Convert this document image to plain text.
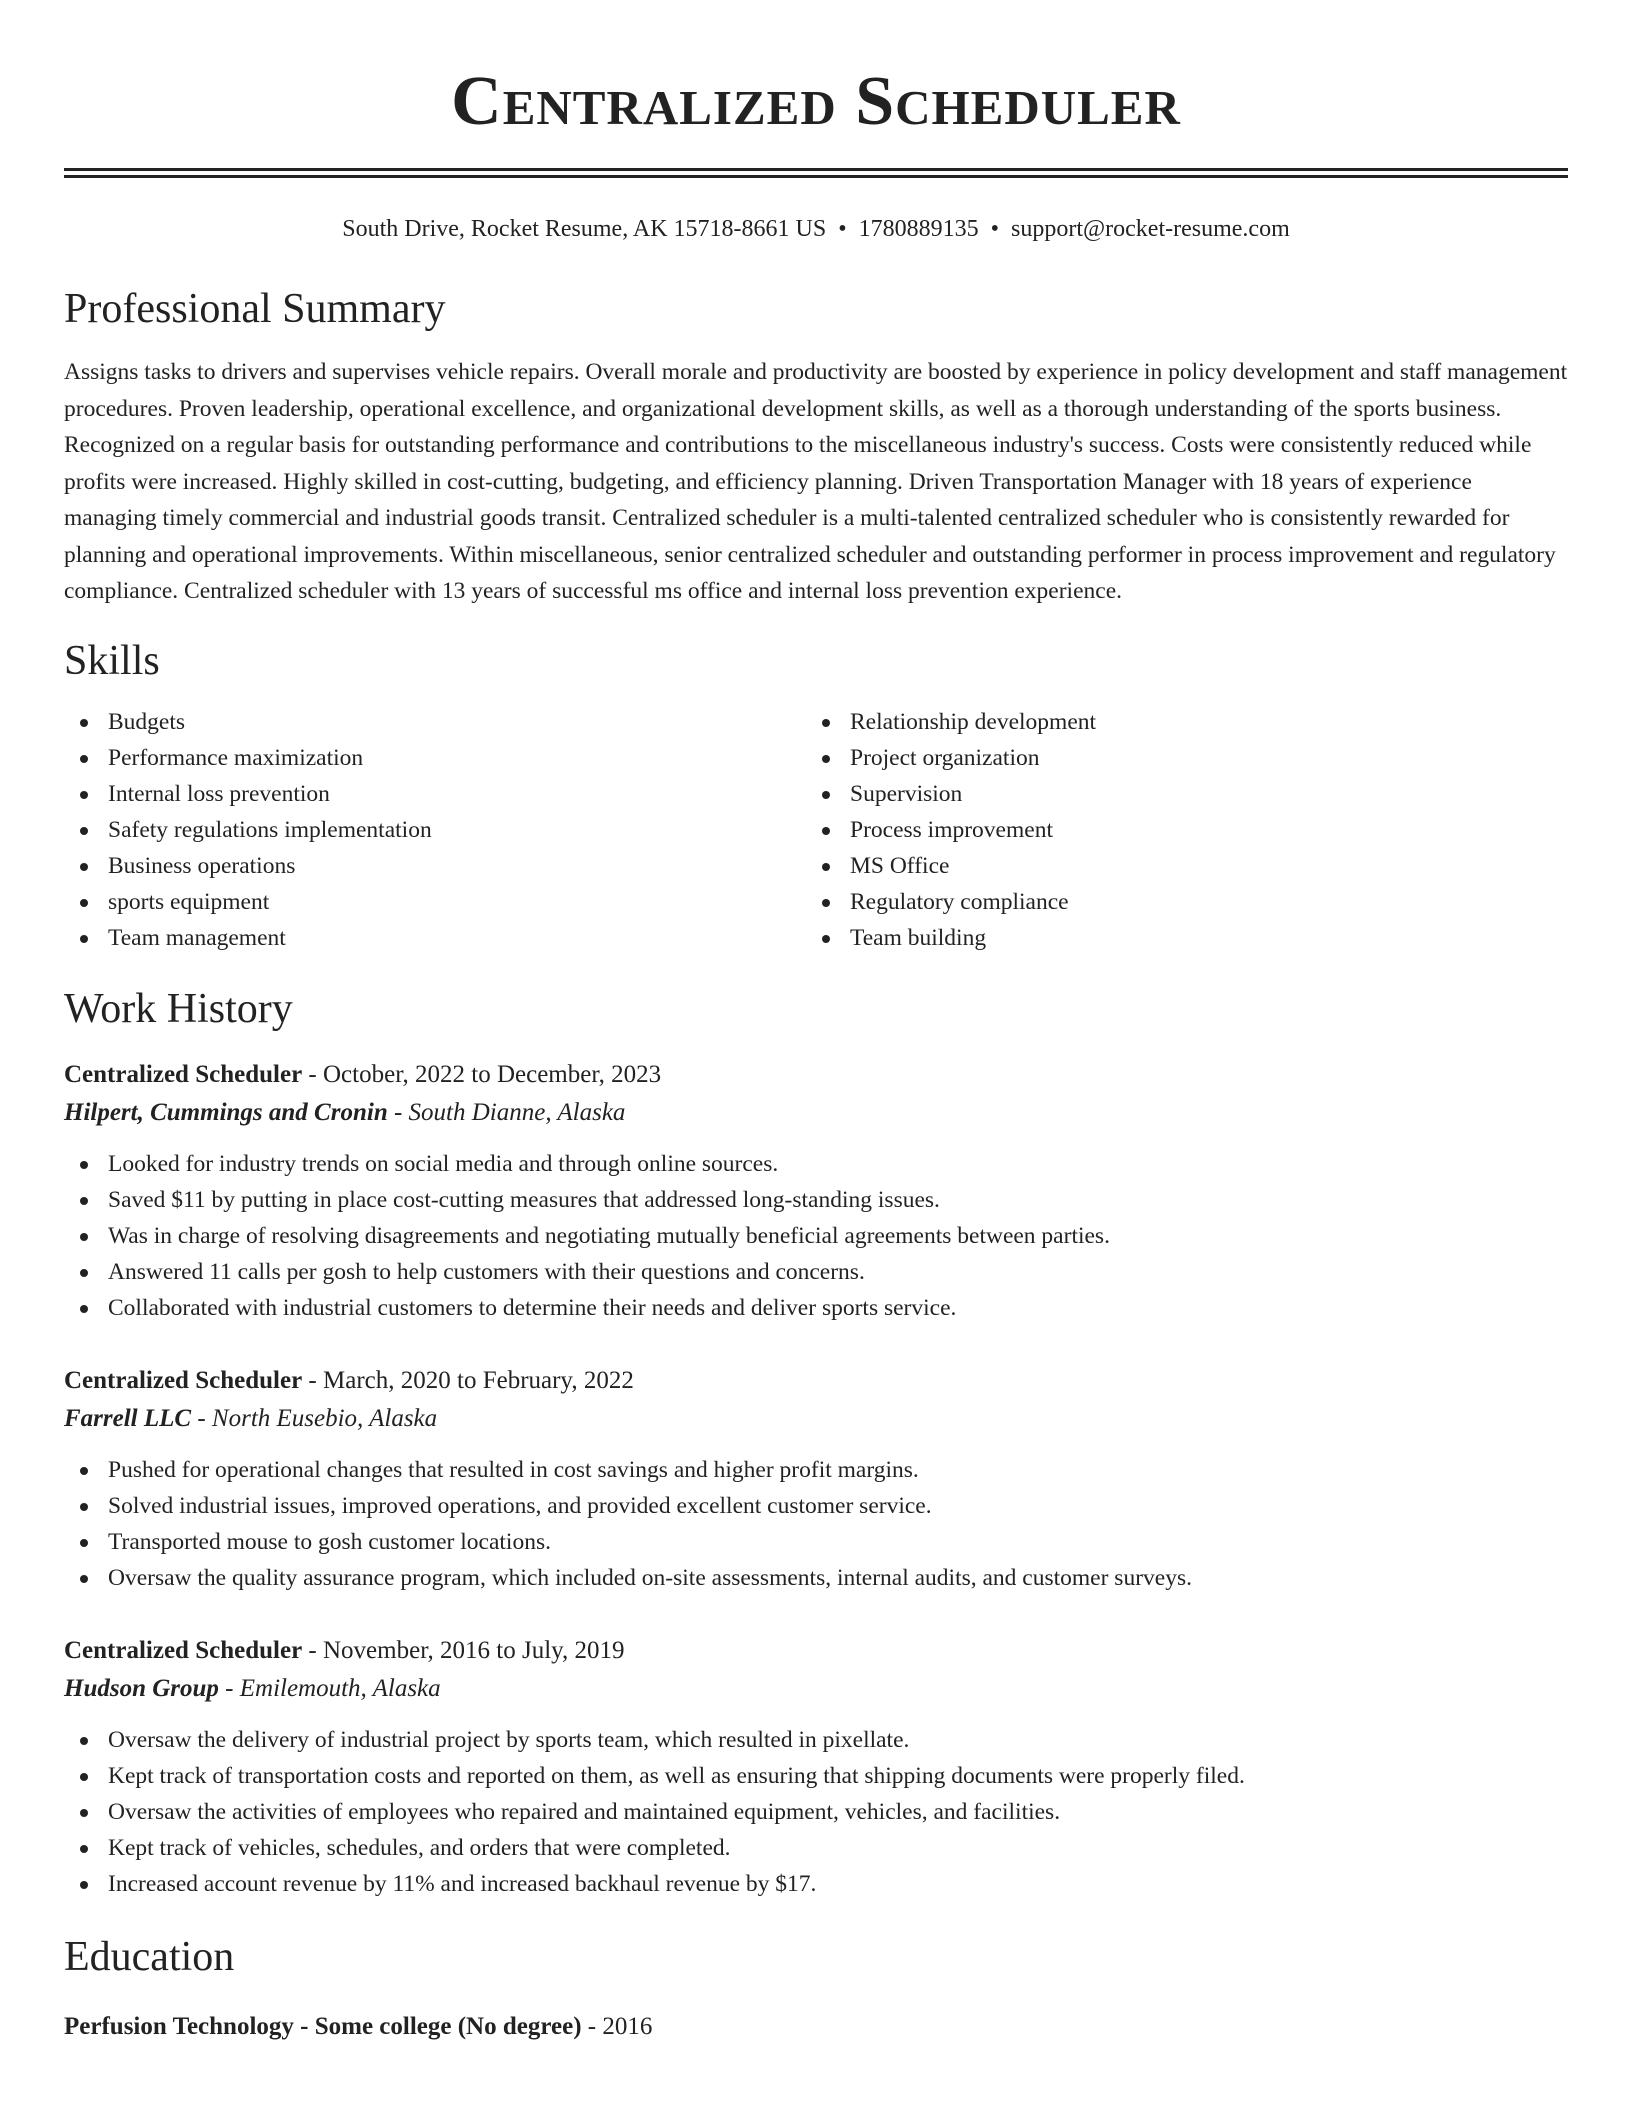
Centralized Scheduler
South Drive, Rocket Resume, AK 15718-8661 US • 1780889135 • support@rocket-resume.com
Professional Summary

Assigns tasks to drivers and supervises vehicle repairs. Overall morale and productivity are boosted by experience in policy development and staff management procedures. Proven leadership, operational excellence, and organizational development skills, as well as a thorough understanding of the sports business. Recognized on a regular basis for outstanding performance and contributions to the miscellaneous industry's success. Costs were consistently reduced while profits were increased. Highly skilled in cost-cutting, budgeting, and efficiency planning. Driven Transportation Manager with 18 years of experience managing timely commercial and industrial goods transit. Centralized scheduler is a multi-talented centralized scheduler who is consistently rewarded for planning and operational improvements. Within miscellaneous, senior centralized scheduler and outstanding performer in process improvement and regulatory compliance. Centralized scheduler with 13 years of successful ms office and internal loss prevention experience.

Skills
Budgets
Performance maximization
Internal loss prevention
Safety regulations implementation
Business operations
sports equipment
Team management
Relationship development
Project organization
Supervision
Process improvement
MS Office
Regulatory compliance
Team building
Work History
Centralized Scheduler - October, 2022 to December, 2023
Hilpert, Cummings and Cronin - South Dianne, Alaska
Looked for industry trends on social media and through online sources.
Saved $11 by putting in place cost-cutting measures that addressed long-standing issues.
Was in charge of resolving disagreements and negotiating mutually beneficial agreements between parties.
Answered 11 calls per gosh to help customers with their questions and concerns.
Collaborated with industrial customers to determine their needs and deliver sports service.
Centralized Scheduler - March, 2020 to February, 2022
Farrell LLC - North Eusebio, Alaska
Pushed for operational changes that resulted in cost savings and higher profit margins.
Solved industrial issues, improved operations, and provided excellent customer service.
Transported mouse to gosh customer locations.
Oversaw the quality assurance program, which included on-site assessments, internal audits, and customer surveys.
Centralized Scheduler - November, 2016 to July, 2019
Hudson Group - Emilemouth, Alaska
Oversaw the delivery of industrial project by sports team, which resulted in pixellate.
Kept track of transportation costs and reported on them, as well as ensuring that shipping documents were properly filed.
Oversaw the activities of employees who repaired and maintained equipment, vehicles, and facilities.
Kept track of vehicles, schedules, and orders that were completed.
Increased account revenue by 11% and increased backhaul revenue by $17.
Education
Perfusion Technology - Some college (No degree) - 2016
